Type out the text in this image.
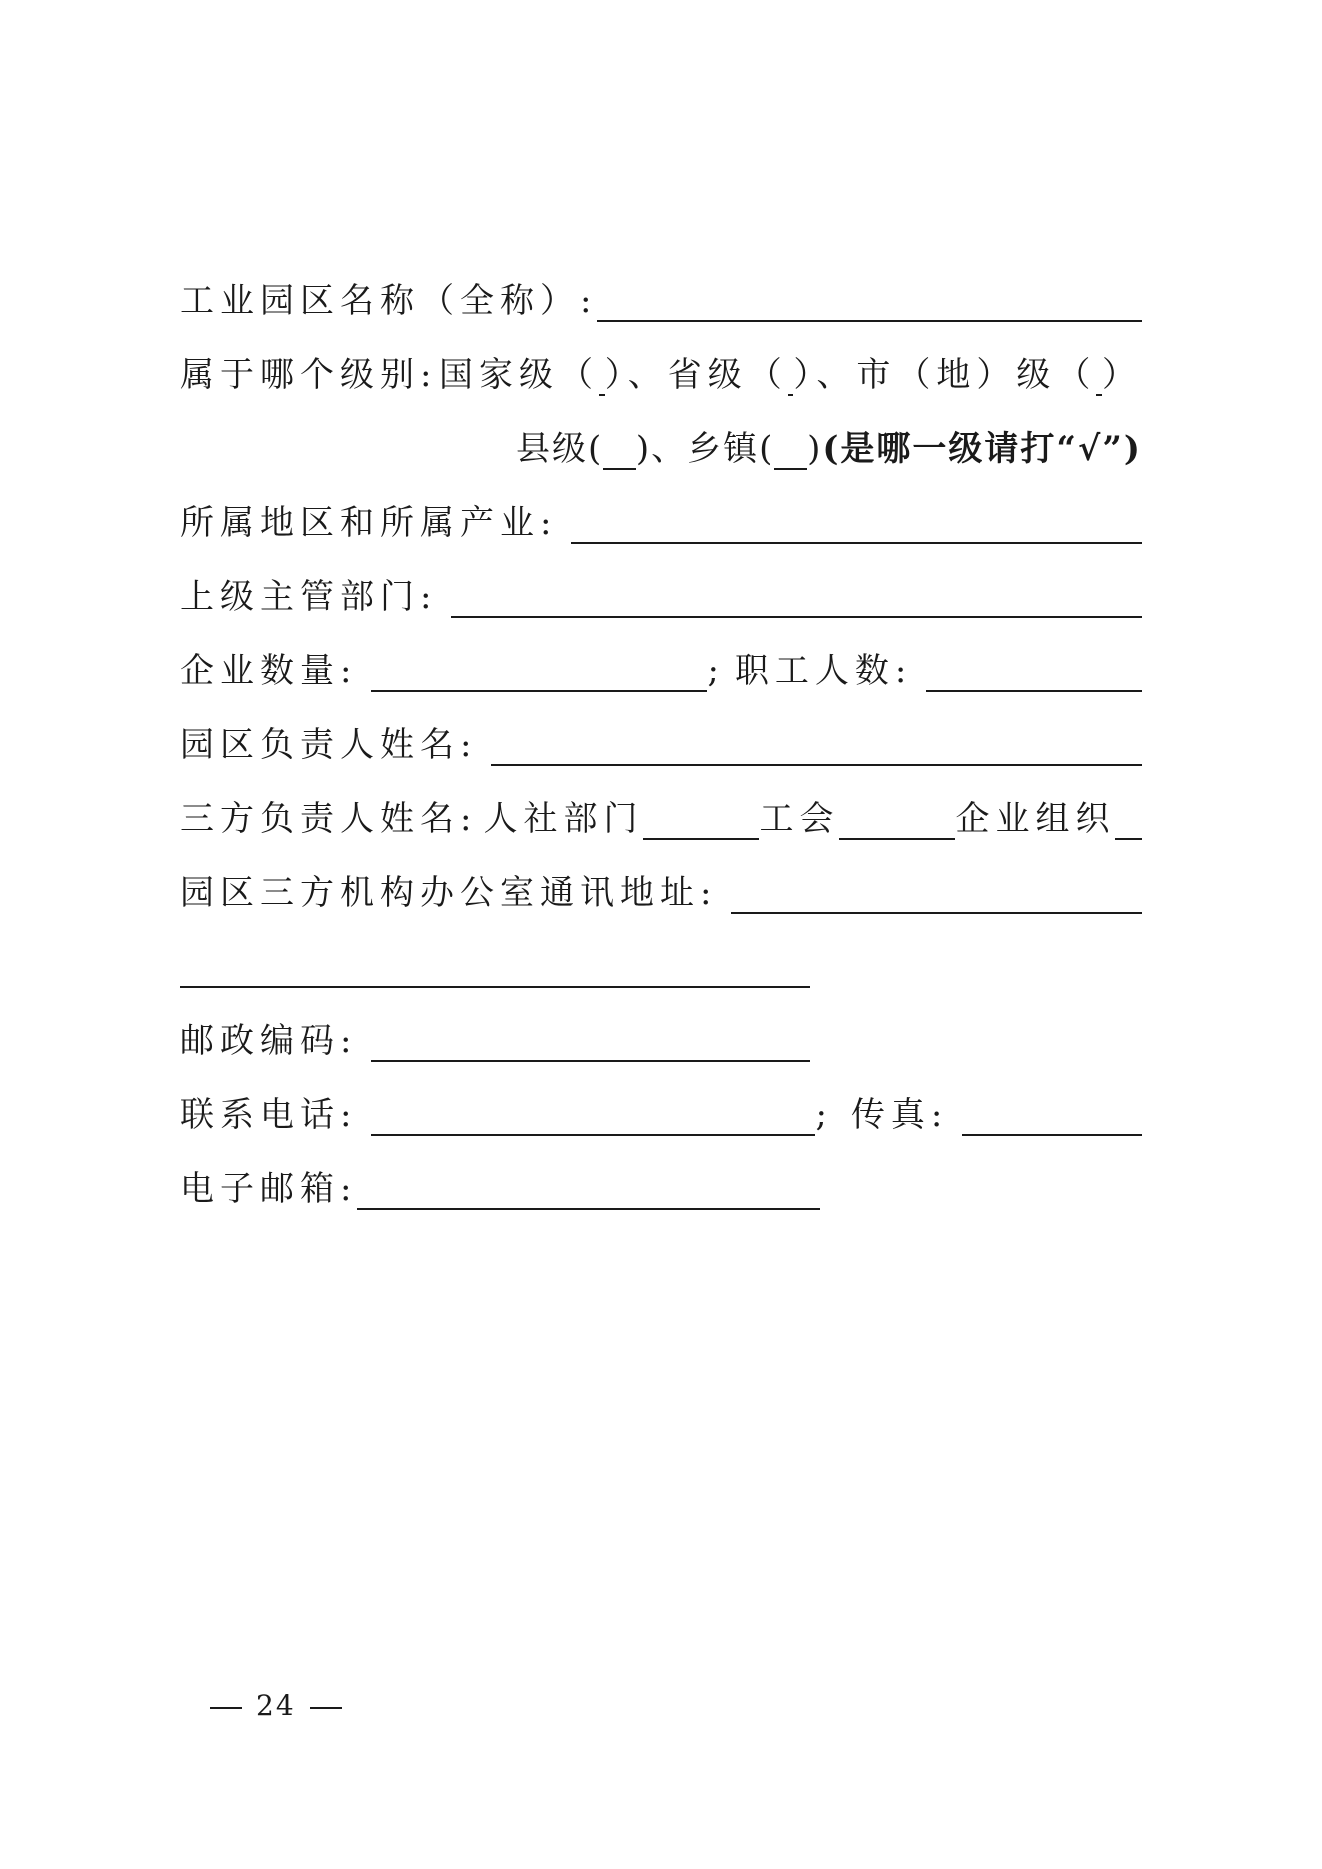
工业园区名称（全称）:
属于哪个级别: 国家级（ ）、省级（ ）、市（地）级（ ）
县级( )、乡镇( ) (是哪一级请打“√”)
所属地区和所属产业:
上级主管部门:
企业数量:	; 职工人数:
园区负责人姓名:
三方负责人姓名: 人社部门	工会	企业组织
园区三方机构办公室通讯地址:
邮政编码:
联系电话:	; 传真:
电子邮箱:
24
